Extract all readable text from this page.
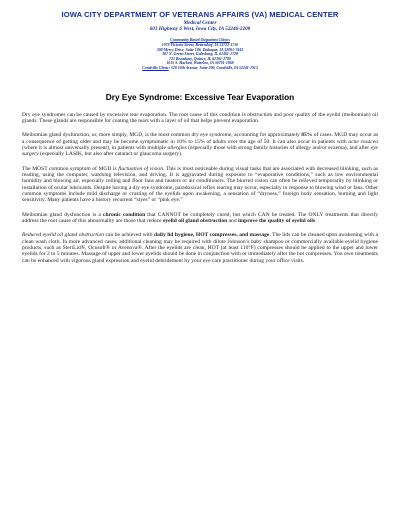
IOWA CITY DEPARTMENT OF VETERANS AFFAIRS (VA) MEDICAL CENTER
Medical Center
601 Highway 6 West, Iowa City, IA 52246-2208
Community Based Outpatient Clinics
1979 Victoria Street, Bettendorf, IA 52722-1710
200 Mercy Drive, Suite 106, Dubuque, IA 52001-7443
307 N. Green Street, Galesburg, IL 61401-1728
721 Broadway, Quincy, IL 62301-2780
1015 S. Hackett, Waterloo, IA 50701-1868
Coralville Clinic: 520 10th Avenue, Suite 200, Coralville, IA 52241-1913
Dry Eye Syndrome: Excessive Tear Evaporation

Dry eye syndromes can be caused by excessive tear evaporation. The root cause of this condition is obstruction and poor quality of the eyelid (meibomian) oil glands. These glands are responsible for coating the tears with a layer of oil that helps prevent evaporation.

Meibomian gland dysfunction, or, more simply, MGD, is the most common dry eye syndrome, accounting for approximately 85% of cases. MGD may occur as a consequence of getting older and may be become symptomatic in 10% to 15% of adults over the age of 50. It can also occur in patients with acne rosacea (where it is almost universally present), in patients with multiple allergies (especially those with strong family histories of allergy and/or eczema), and after eye surgery (especially LASIK, but also after cataract or glaucoma surgery).

The MOST common symptom of MGD is fluctuation of vision. This is most noticeable during visual tasks that are associated with decreased blinking, such as reading, using the computer, watching television, and driving. It is aggravated during exposure to “evaporative conditions,” such as low environmental humidity and blowing air, especially ceiling and floor fans and heaters or air conditioners. The blurred vision can often be relieved temporarily by blinking or installation of ocular lubricants. Despite having a dry eye syndrome, paradoxical reflex tearing may occur, especially in response to blowing wind or fans. Other common symptoms include mild discharge or crusting of the eyelids upon awakening, a sensation of “dryness,” foreign body sensation, burning and light sensitivity. Many patients have a history recurrent “styes” or “pink eye.”

Meibomian gland dysfunction is a chronic condition that CANNOT be completely cured, but which CAN be treated. The ONLY treatments that directly address the root cause of this abnormality are those that reduce eyelid oil gland obstruction and improve the quality of eyelid oils.

Reduced eyelid oil gland obstruction can be achieved with daily lid hygiene, HOT compresses, and massage. The lids can be cleaned upon awakening with a clean wash cloth. In more advanced cases, additional cleaning may be required with dilute Johnson’s baby shampoo or commercially available eyelid hygiene products, such as SteriLid®, Ocusoft® or Avenova®. After the eyelids are clean, HOT (at least 110°F) compresses should be applied to the upper and lower eyelids for 2 to 5 minutes. Massage of upper and lower eyelids should be done in conjunction with or immediately after the hot compresses. You own treatments can be enhanced with vigorous gland expression and eyelid debridement by your eye care practitioner during your office visits.
